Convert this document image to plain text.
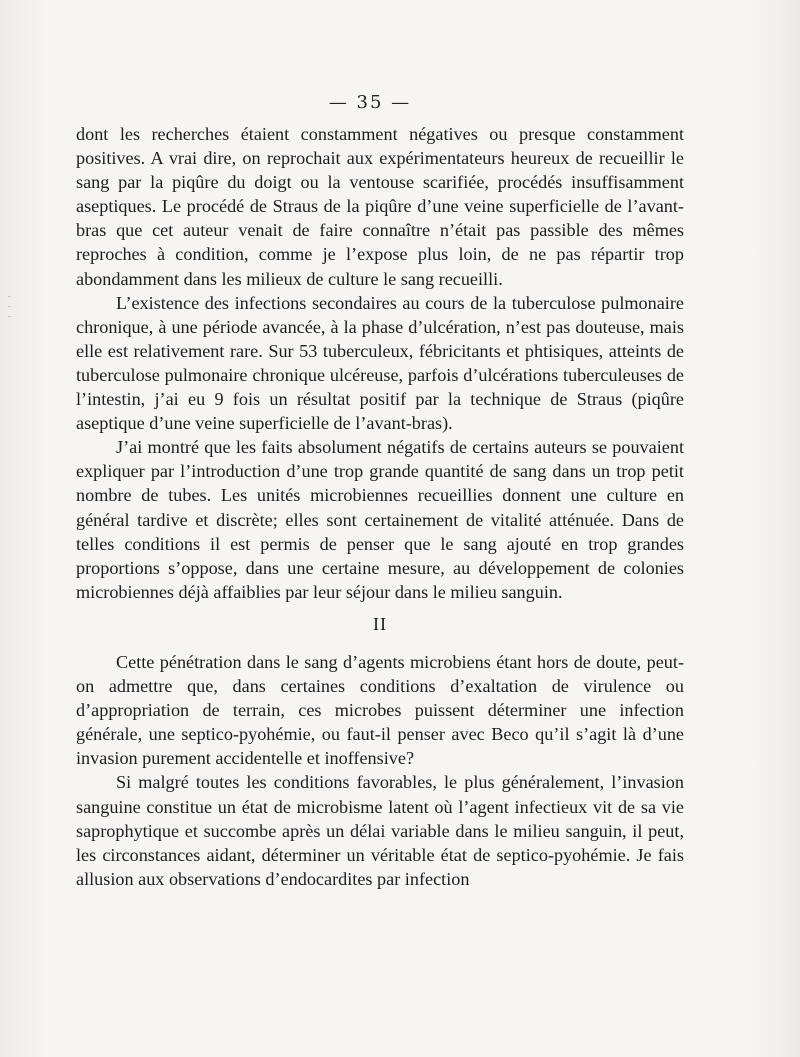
— 35 —

dont les recherches étaient constamment négatives ou presque constamment positives. A vrai dire, on reprochait aux expérimentateurs heureux de recueillir le sang par la piqûre du doigt ou la ventouse scarifiée, procédés insuffisamment aseptiques. Le procédé de Straus de la piqûre d’une veine superficielle de l’avant-bras que cet auteur venait de faire connaître n’était pas passible des mêmes reproches à condition, comme je l’expose plus loin, de ne pas répartir trop abondamment dans les milieux de culture le sang recueilli.

L’existence des infections secondaires au cours de la tuberculose pulmonaire chronique, à une période avancée, à la phase d’ulcération, n’est pas douteuse, mais elle est relativement rare. Sur 53 tuberculeux, fébricitants et phtisiques, atteints de tuberculose pulmonaire chronique ulcéreuse, parfois d’ulcérations tuberculeuses de l’intestin, j’ai eu 9 fois un résultat positif par la technique de Straus (piqûre aseptique d’une veine superficielle de l’avant-bras).

J’ai montré que les faits absolument négatifs de certains auteurs se pouvaient expliquer par l’introduction d’une trop grande quantité de sang dans un trop petit nombre de tubes. Les unités microbiennes recueillies donnent une culture en général tardive et discrète; elles sont certainement de vitalité atténuée. Dans de telles conditions il est permis de penser que le sang ajouté en trop grandes proportions s’oppose, dans une certaine mesure, au développement de colonies microbiennes déjà affaiblies par leur séjour dans le milieu sanguin.

II

Cette pénétration dans le sang d’agents microbiens étant hors de doute, peut-on admettre que, dans certaines conditions d’exaltation de virulence ou d’appropriation de terrain, ces microbes puissent déterminer une infection générale, une septico-pyohémie, ou faut-il penser avec Beco qu’il s’agit là d’une invasion purement accidentelle et inoffensive?

Si malgré toutes les conditions favorables, le plus généralement, l’invasion sanguine constitue un état de microbisme latent où l’agent infectieux vit de sa vie saprophytique et succombe après un délai variable dans le milieu sanguin, il peut, les circonstances aidant, déterminer un véritable état de septico-pyohémie. Je fais allusion aux observations d’endocardites par infection
